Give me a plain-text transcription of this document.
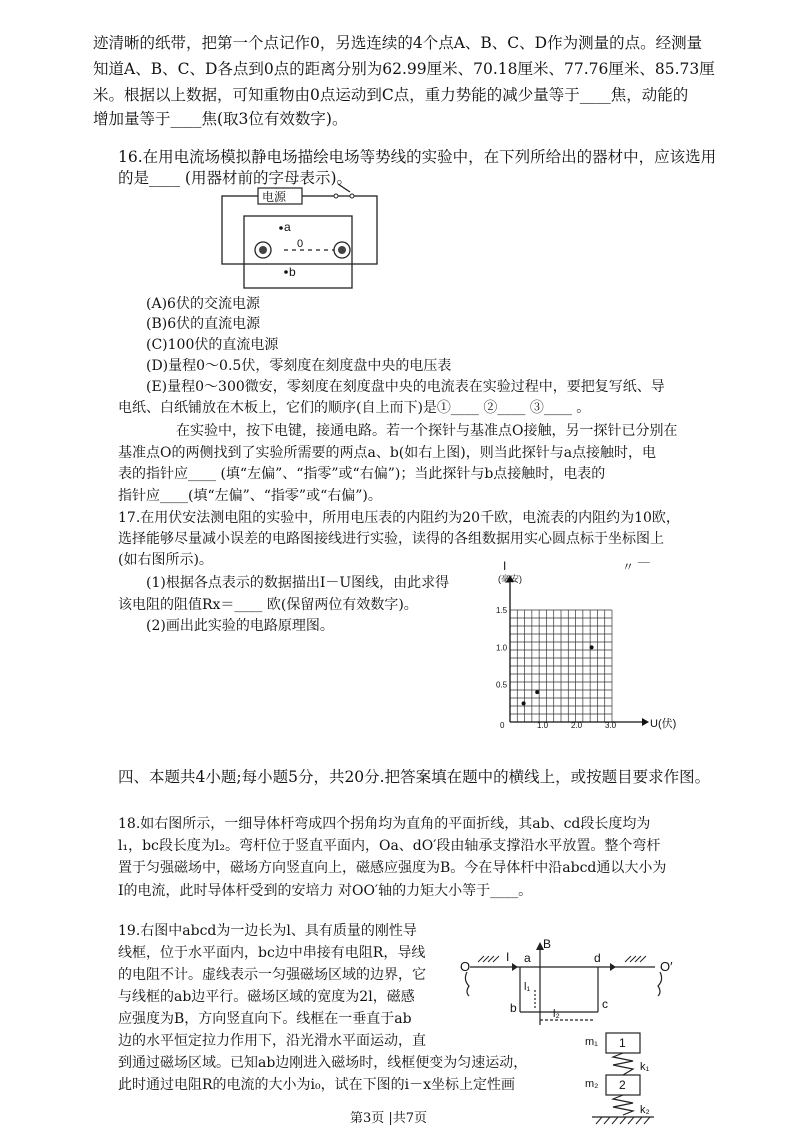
迹清晰的纸带，把第一个点记作0，另选连续的4个点A、B、C、D作为测量的点。经测量
知道A、B、C、D各点到0点的距离分别为62.99厘米、70.18厘米、77.76厘米、85.73厘
米。根据以上数据，可知重物由0点运动到C点，重力势能的减少量等于____焦，动能的
增加量等于____焦(取3位有效数字)。
16.在用电流场模拟静电场描绘电场等势线的实验中，在下列所给出的器材中，应该选用
的是____ (用器材前的字母表示)。
电源
a
0
b
(A)6伏的交流电源
(B)6伏的直流电源
(C)100伏的直流电源
(D)量程0～0.5伏，零刻度在刻度盘中央的电压表
(E)量程0～300微安，零刻度在刻度盘中央的电流表在实验过程中，要把复写纸、导
电纸、白纸铺放在木板上，它们的顺序(自上而下)是①____ ②____ ③____ 。
在实验中，按下电键，接通电路。若一个探针与基准点O接触，另一探针已分别在
基准点O的两侧找到了实验所需要的两点a、b(如右上图)，则当此探针与a点接触时，电
表的指针应____ (填“左偏”、“指零”或“右偏”)；当此探针与b点接触时，电表的
指针应____(填“左偏”、“指零”或“右偏”)。
17.在用伏安法测电阻的实验中，所用电压表的内阻约为20千欧，电流表的内阻约为10欧，
选择能够尽量减小误差的电路图接线进行实验，读得的各组数据用实心圆点标于坐标图上
(如右图所示)。
(1)根据各点表示的数据描出I－U图线，由此求得
该电阻的阻值Rx＝____ 欧(保留两位有效数字)。
(2)画出此实验的电路原理图。
〃 ‾‾
0	1.0	2.0	3.0
0.5
1.0
1.5
U(伏)
I
(毫安)
四、本题共4小题;每小题5分，共20分.把答案填在题中的横线上，或按题目要求作图。
18.如右图所示，一细导体杆弯成四个拐角均为直角的平面折线，其ab、cd段长度均为
l₁，bc段长度为l₂。弯杆位于竖直平面内，Oa、dO′段由轴承支撑沿水平放置。整个弯杆
置于匀强磁场中，磁场方向竖直向上，磁感应强度为B。今在导体杆中沿abcd通以大小为
I的电流，此时导体杆受到的安培力 对OO′轴的力矩大小等于____。
19.右图中abcd为一边长为l、具有质量的刚性导
线框，位于水平面内，bc边中串接有电阻R，导线
的电阻不计。虚线表示一匀强磁场区域的边界，它
与线框的ab边平行。磁场区域的宽度为2l，磁感
应强度为B，方向竖直向下。线框在一垂直于ab
边的水平恒定拉力作用下，沿光滑水平面运动，直
到通过磁场区域。已知ab边刚进入磁场时，线框便变为匀速运动，
此时通过电阻R的电流的大小为i₀，试在下图的i－x坐标上定性画
O	O′
I
B
a
b	c
d
l₁
l₂
m₁
m₂
1
2
k₁
k₂
第3页 |共7页
